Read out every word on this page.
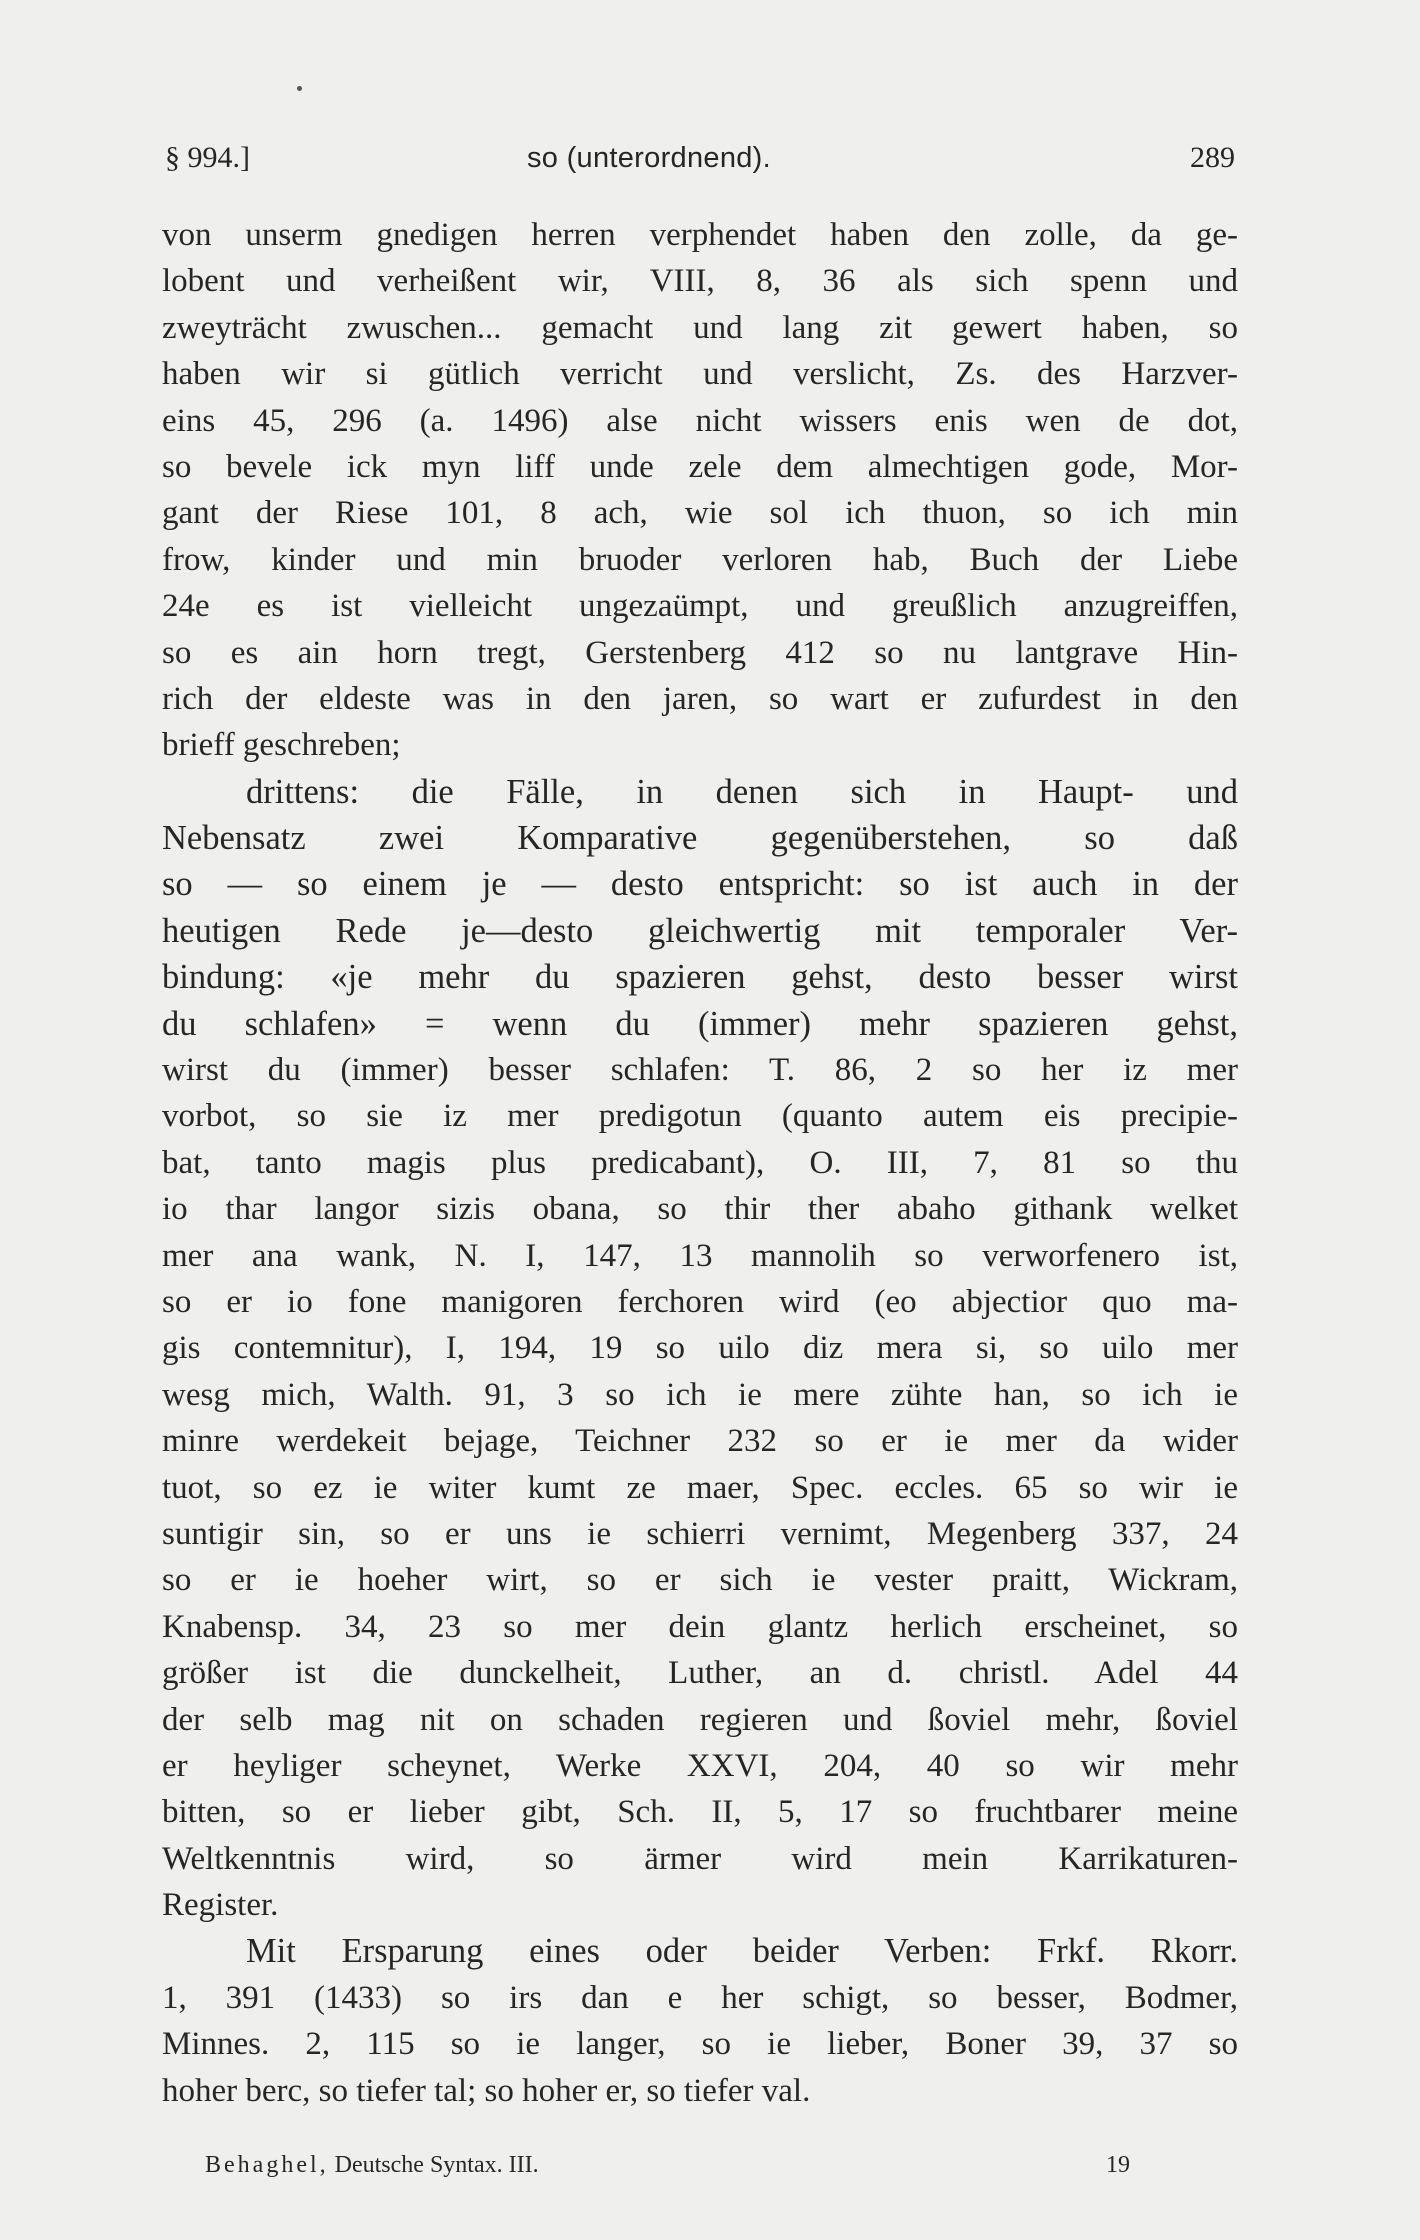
§ 994.]	so (unterordnend).	289
von unserm gnedigen herren verphendet haben den zolle, da ge-
lobent und verheißent wir, VIII, 8, 36 als sich spenn und
zweyträcht zwuschen... gemacht und lang zit gewert haben, so
haben wir si gütlich verricht und verslicht, Zs. des Harzver-
eins 45, 296 (a. 1496) alse nicht wissers enis wen de dot,
so bevele ick myn liff unde zele dem almechtigen gode, Mor-
gant der Riese 101, 8 ach, wie sol ich thuon, so ich min
frow, kinder und min bruoder verloren hab, Buch der Liebe
24e es ist vielleicht ungezaümpt, und greußlich anzugreiffen,
so es ain horn tregt, Gerstenberg 412 so nu lantgrave Hin-
rich der eldeste was in den jaren, so wart er zufurdest in den
brieff geschreben;
drittens: die Fälle, in denen sich in Haupt- und
Nebensatz zwei Komparative gegenüberstehen, so daß
so — so einem je — desto entspricht: so ist auch in der
heutigen Rede je—desto gleichwertig mit temporaler Ver-
bindung: «je mehr du spazieren gehst, desto besser wirst
du schlafen» = wenn du (immer) mehr spazieren gehst,
wirst du (immer) besser schlafen: T. 86, 2 so her iz mer
vorbot, so sie iz mer predigotun (quanto autem eis precipie-
bat, tanto magis plus predicabant), O. III, 7, 81 so thu
io thar langor sizis obana, so thir ther abaho githank welket
mer ana wank, N. I, 147, 13 mannolih so verworfenero ist,
so er io fone manigoren ferchoren wird (eo abjectior quo ma-
gis contemnitur), I, 194, 19 so uilo diz mera si, so uilo mer
wesg mich, Walth. 91, 3 so ich ie mere zühte han, so ich ie
minre werdekeit bejage, Teichner 232 so er ie mer da wider
tuot, so ez ie witer kumt ze maer, Spec. eccles. 65 so wir ie
suntigir sin, so er uns ie schierri vernimt, Megenberg 337, 24
so er ie hoeher wirt, so er sich ie vester praitt, Wickram,
Knabensp. 34, 23 so mer dein glantz herlich erscheinet, so
größer ist die dunckelheit, Luther, an d. christl. Adel 44
der selb mag nit on schaden regieren und ßoviel mehr, ßoviel
er heyliger scheynet, Werke XXVI, 204, 40 so wir mehr
bitten, so er lieber gibt, Sch. II, 5, 17 so fruchtbarer meine
Weltkenntnis wird, so ärmer wird mein Karrikaturen-
Register.
Mit Ersparung eines oder beider Verben: Frkf. Rkorr.
1, 391 (1433) so irs dan e her schigt, so besser, Bodmer,
Minnes. 2, 115 so ie langer, so ie lieber, Boner 39, 37 so
hoher berc, so tiefer tal; so hoher er, so tiefer val.
Behaghel, Deutsche Syntax. III.	19
